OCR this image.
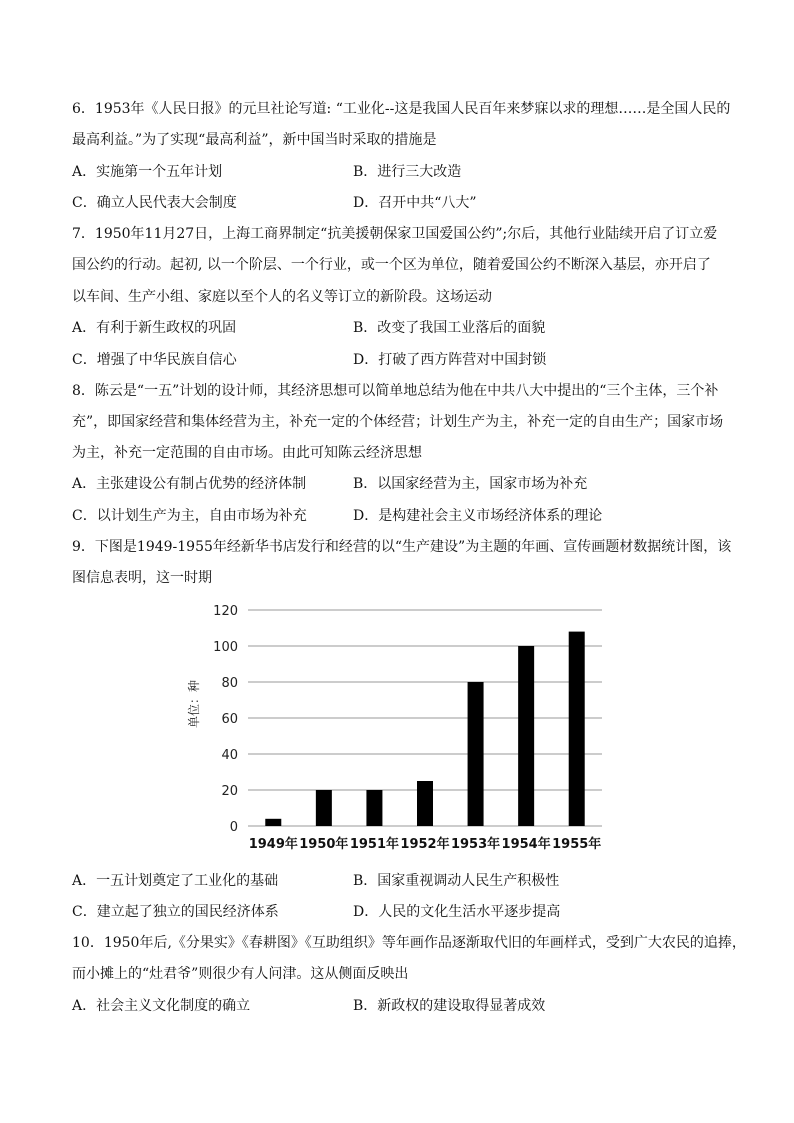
6．1953年《人民日报》的元旦社论写道: “工业化--这是我国人民百年来梦寐以求的理想……是全国人民的
最高利益。”为了实现“最高利益”，新中国当时采取的措施是
A．实施第一个五年计划	B．进行三大改造
C．确立人民代表大会制度	D．召开中共“八大”
7．1950年11月27日，上海工商界制定“抗美援朝保家卫国爱国公约”;尔后，其他行业陆续开启了订立爱
国公约的行动。起初, 以一个阶层、一个行业，或一个区为单位，随着爱国公约不断深入基层，亦开启了
以车间、生产小组、家庭以至个人的名义等订立的新阶段。这场运动
A．有利于新生政权的巩固	B．改变了我国工业落后的面貌
C．增强了中华民族自信心	D．打破了西方阵营对中国封锁
8．陈云是“一五”计划的设计师，其经济思想可以简单地总结为他在中共八大中提出的“三个主体，三个补
充”，即国家经营和集体经营为主，补充一定的个体经营；计划生产为主，补充一定的自由生产；国家市场
为主，补充一定范围的自由市场。由此可知陈云经济思想
A．主张建设公有制占优势的经济体制	B．以国家经营为主，国家市场为补充
C．以计划生产为主，自由市场为补充	D．是构建社会主义市场经济体系的理论
9．下图是1949-1955年经新华书店发行和经营的以“生产建设”为主题的年画、宣传画题材数据统计图，该
图信息表明，这一时期
0
20
40
60
80
100
120
1949年 1950年 1951年 1952年 1953年 1954年 1955年
单位：种
A．一五计划奠定了工业化的基础	B．国家重视调动人民生产积极性
C．建立起了独立的国民经济体系	D．人民的文化生活水平逐步提高
10．1950年后,《分果实》《春耕图》《互助组织》等年画作品逐渐取代旧的年画样式，受到广大农民的追捧，
而小摊上的“灶君爷”则很少有人问津。这从侧面反映出
A．社会主义文化制度的确立	B．新政权的建设取得显著成效
